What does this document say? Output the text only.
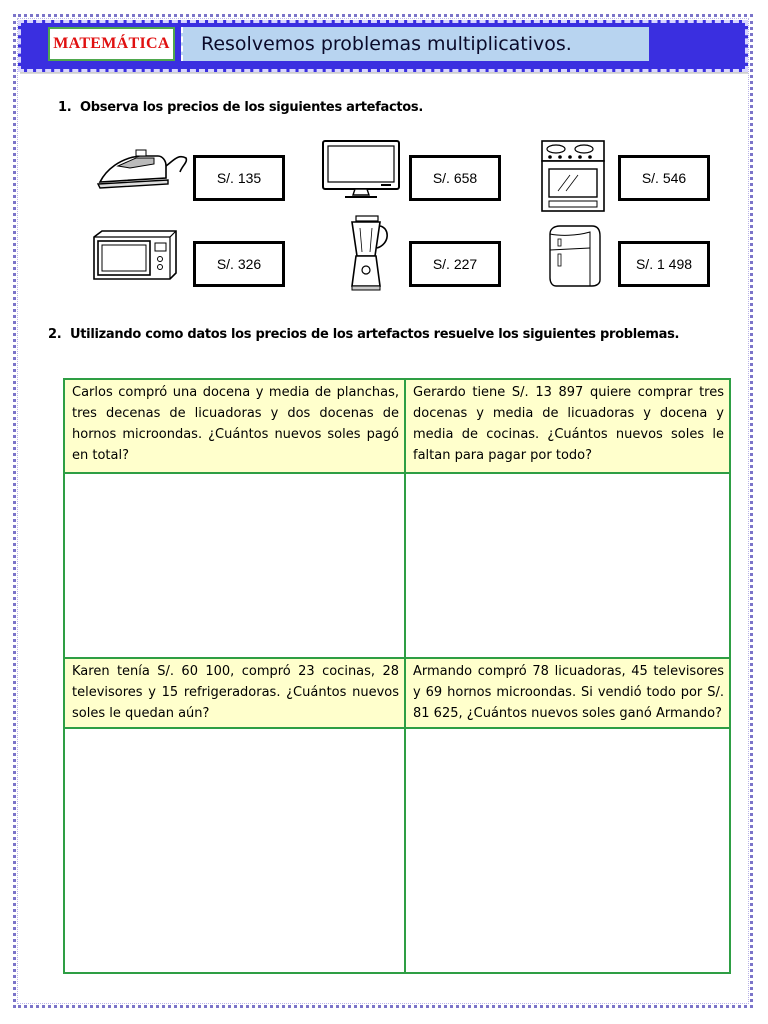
MATEMÁTICA Resolvemos problemas multiplicativos.
1. Observa los precios de los siguientes artefactos.
S/. 135	S/. 658	S/. 546
S/. 326	S/. 227	S/. 1 498
2. Utilizando como datos los precios de los artefactos resuelve los siguientes problemas.
Carlos compró una docena y media de planchas, tres decenas de licuadoras y dos docenas de hornos microondas. ¿Cuántos nuevos soles pagó en total?	Gerardo tiene S/. 13 897 quiere comprar tres docenas y media de licuadoras y docena y media de cocinas. ¿Cuántos nuevos soles le faltan para pagar por todo?

Karen tenía S/. 60 100, compró 23 cocinas, 28 televisores y 15 refrigeradoras. ¿Cuántos nuevos soles le quedan aún?	Armando compró 78 licuadoras, 45 televisores y 69 hornos microondas. Si vendió todo por S/. 81 625, ¿Cuántos nuevos soles ganó Armando?
